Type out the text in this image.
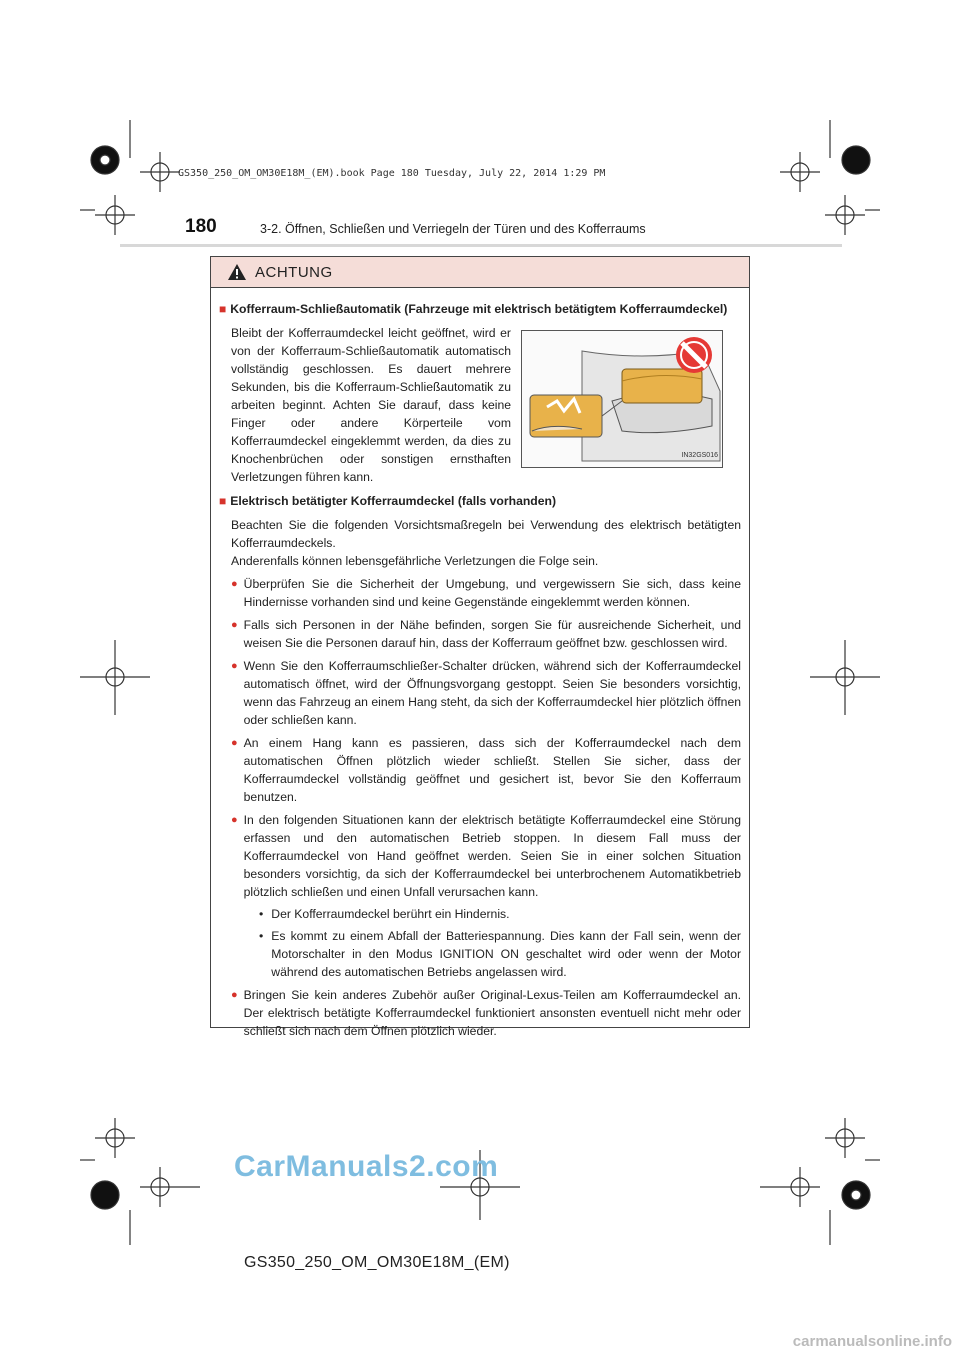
GS350_250_OM_OM30E18M_(EM).book Page 180 Tuesday, July 22, 2014 1:29 PM
180	3-2. Öffnen, Schließen und Verriegeln der Türen und des Kofferraums
ACHTUNG
■ Kofferraum-Schließautomatik (Fahrzeuge mit elektrisch betätigtem Kofferraumdeckel)
Bleibt der Kofferraumdeckel leicht geöffnet, wird er von der Kofferraum-Schließautomatik automatisch vollständig geschlossen. Es dauert mehrere Sekunden, bis die Kofferraum-Schließautomatik zu arbeiten beginnt. Achten Sie darauf, dass keine Finger oder andere Körperteile vom Kofferraumdeckel eingeklemmt werden, da dies zu Knochenbrüchen oder sonstigen ernsthaften Verletzungen führen kann.
IN32GS016
■ Elektrisch betätigter Kofferraumdeckel (falls vorhanden)
Beachten Sie die folgenden Vorsichtsmaßregeln bei Verwendung des elektrisch betätigten Kofferraumdeckels.
Anderenfalls können lebensgefährliche Verletzungen die Folge sein.
● Überprüfen Sie die Sicherheit der Umgebung, und vergewissern Sie sich, dass keine Hindernisse vorhanden sind und keine Gegenstände eingeklemmt werden können.
● Falls sich Personen in der Nähe befinden, sorgen Sie für ausreichende Sicherheit, und weisen Sie die Personen darauf hin, dass der Kofferraum geöffnet bzw. geschlossen wird.
● Wenn Sie den Kofferraumschließer-Schalter drücken, während sich der Kofferraumdeckel automatisch öffnet, wird der Öffnungsvorgang gestoppt. Seien Sie besonders vorsichtig, wenn das Fahrzeug an einem Hang steht, da sich der Kofferraumdeckel hier plötzlich öffnen oder schließen kann.
● An einem Hang kann es passieren, dass sich der Kofferraumdeckel nach dem automatischen Öffnen plötzlich wieder schließt. Stellen Sie sicher, dass der Kofferraumdeckel vollständig geöffnet und gesichert ist, bevor Sie den Kofferraum benutzen.
● In den folgenden Situationen kann der elektrisch betätigte Kofferraumdeckel eine Störung erfassen und den automatischen Betrieb stoppen. In diesem Fall muss der Kofferraumdeckel von Hand geöffnet werden. Seien Sie in einer solchen Situation besonders vorsichtig, da sich der Kofferraumdeckel bei unterbrochenem Automatikbetrieb plötzlich schließen und einen Unfall verursachen kann.
• Der Kofferraumdeckel berührt ein Hindernis.
• Es kommt zu einem Abfall der Batteriespannung. Dies kann der Fall sein, wenn der Motorschalter in den Modus IGNITION ON geschaltet wird oder wenn der Motor während des automatischen Betriebs angelassen wird.
● Bringen Sie kein anderes Zubehör außer Original-Lexus-Teilen am Kofferraumdeckel an. Der elektrisch betätigte Kofferraumdeckel funktioniert ansonsten eventuell nicht mehr oder schließt sich nach dem Öffnen plötzlich wieder.
CarManuals2.com
GS350_250_OM_OM30E18M_(EM)
carmanualsonline.info
